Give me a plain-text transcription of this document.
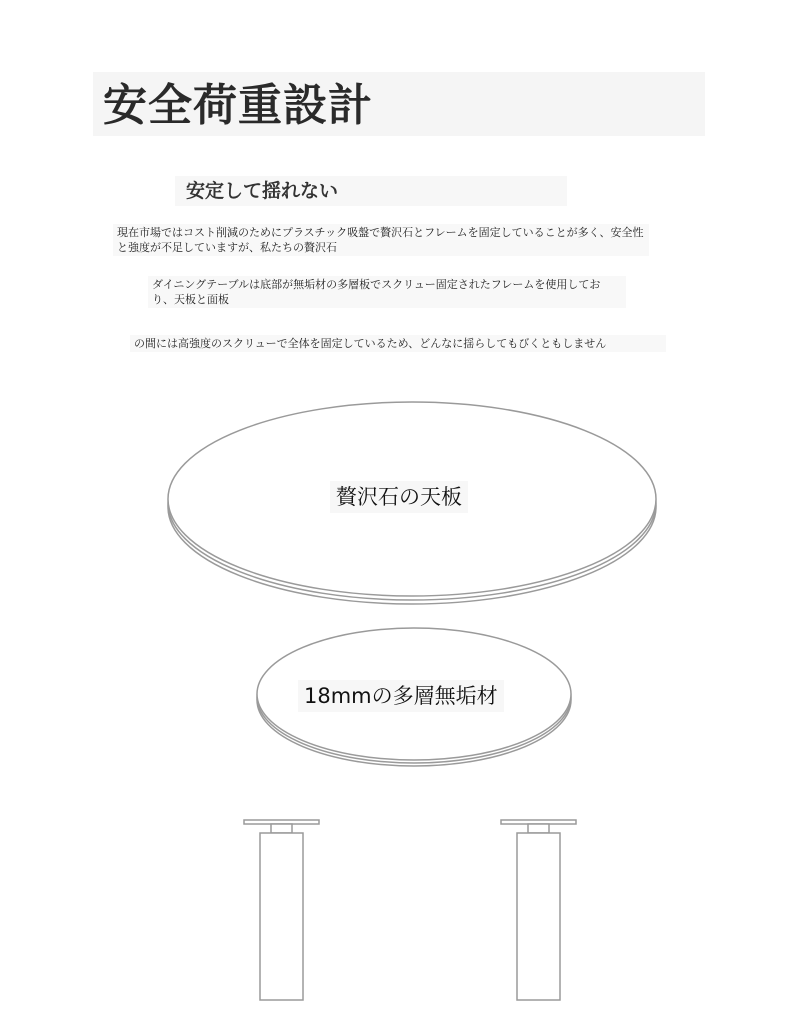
安全荷重設計
安定して揺れない

現在市場ではコスト削減のためにプラスチック吸盤で贅沢石とフレームを固定していることが多く、安全性と強度が不足していますが、私たちの贅沢石

ダイニングテーブルは底部が無垢材の多層板でスクリュー固定されたフレームを使用しており、天板と面板

の間には高強度のスクリューで全体を固定しているため、どんなに揺らしてもびくともしません

贅沢石の天板
18mmの多層無垢材
